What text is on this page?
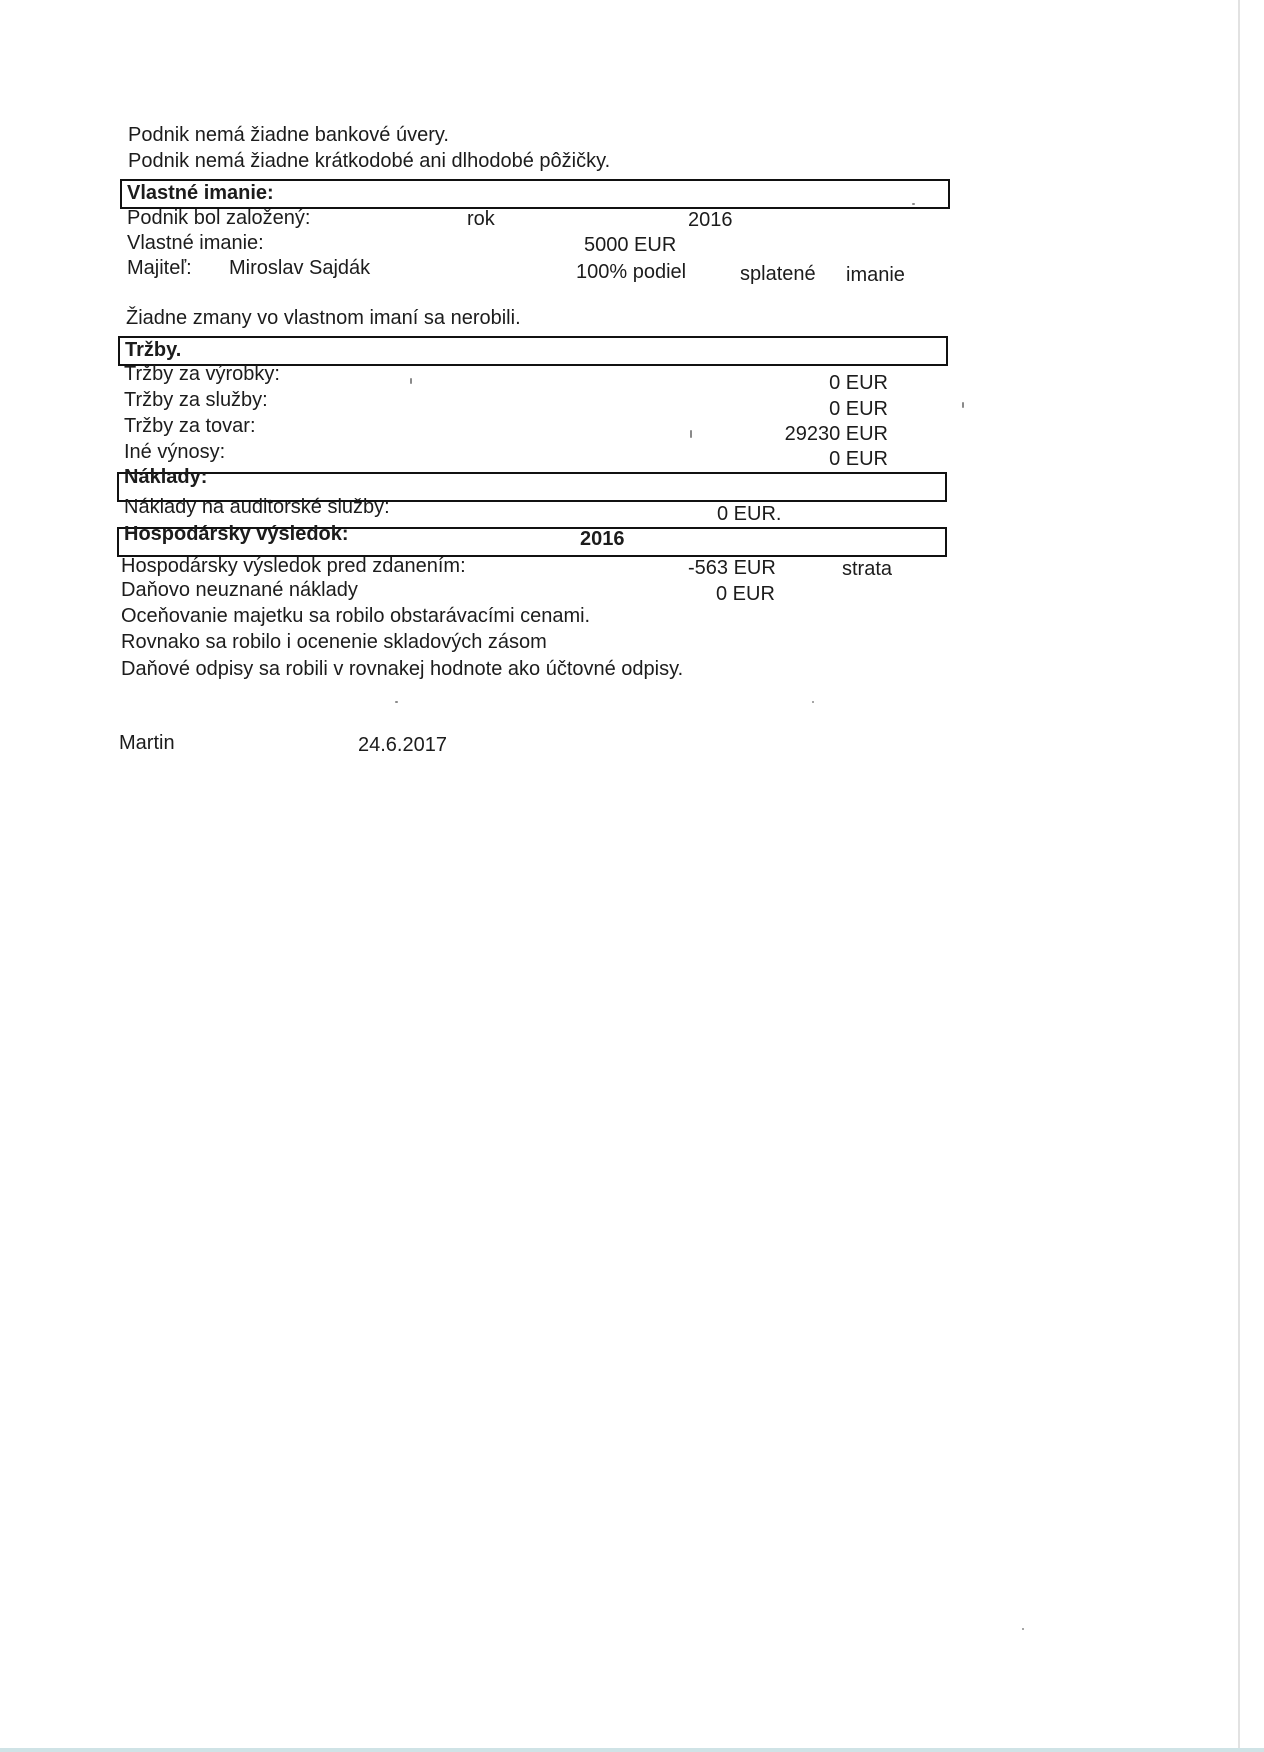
Podnik nemá žiadne bankové úvery.
Podnik nemá žiadne krátkodobé ani dlhodobé pôžičky.
Vlastné imanie:
Podnik bol založený:	rok	2016
Vlastné imanie:	5000 EUR
Majiteľ: Miroslav Sajdák	100% podiel	splatené imanie
Žiadne zmany vo vlastnom imaní sa nerobili.
Tržby.
Tržby za výrobky:	0 EUR
Tržby za služby:	0 EUR
Tržby za tovar:	29230 EUR
Iné výnosy:	0 EUR
Náklady:
Náklady na auditorské služby:	0 EUR.
Hospodársky výsledok:	2016
Hospodársky výsledok pred zdanením:	-563 EUR	strata
Daňovo neuznané náklady	0 EUR
Oceňovanie majetku sa robilo obstarávacími cenami.
Rovnako sa robilo i ocenenie skladových zásom
Daňové odpisy sa robili v rovnakej hodnote ako účtovné odpisy.
Martin	24.6.2017
